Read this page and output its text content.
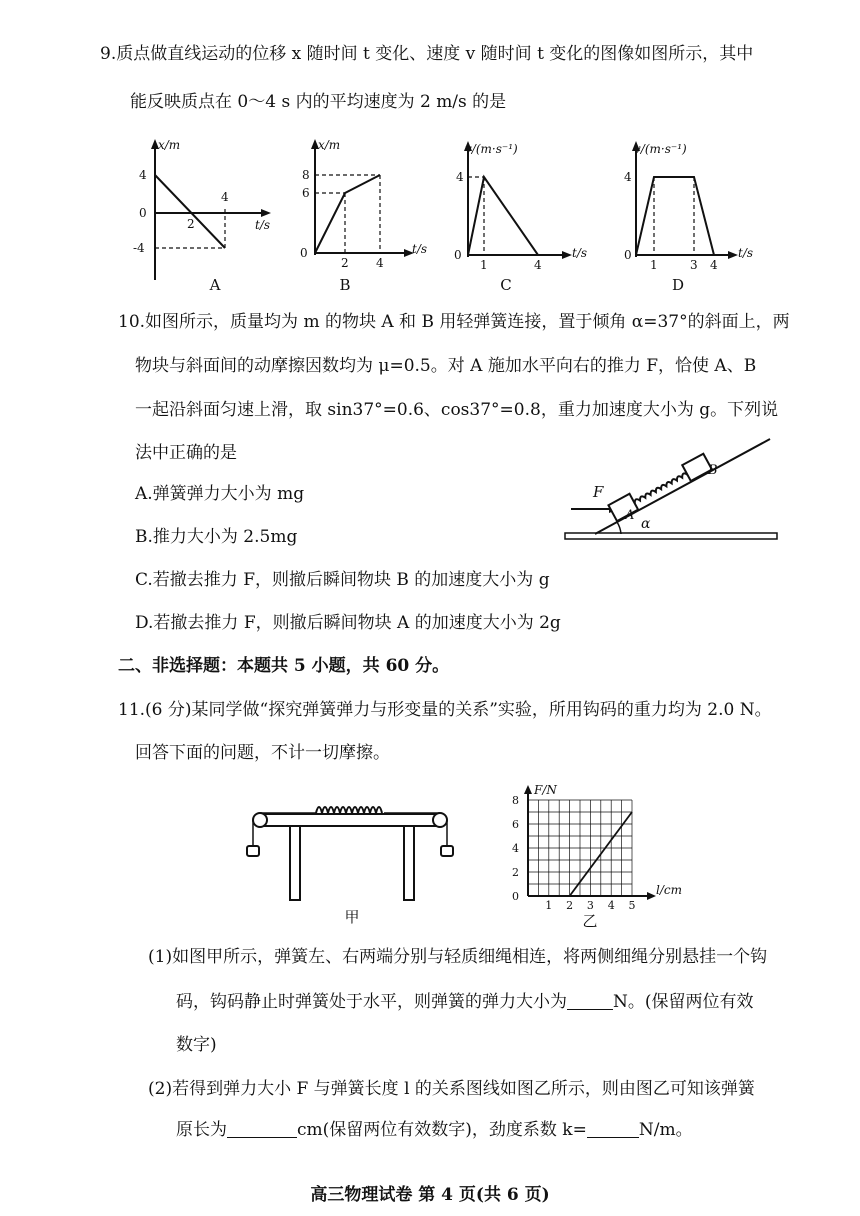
9.质点做直线运动的位移 x 随时间 t 变化、速度 v 随时间 t 变化的图像如图所示，其中
能反映质点在 0～4 s 内的平均速度为 2 m/s 的是
x/m
t/s
4
0
-4
2
4
A
x/m
t/s
8
6
0
2 4
B
v/(m·s⁻¹)
t/s
4
0
1	4
C
v/(m·s⁻¹)
t/s
4
0
1	3 4
D
10.如图所示，质量均为 m 的物块 A 和 B 用轻弹簧连接，置于倾角 α=37°的斜面上，两
物块与斜面间的动摩擦因数均为 μ=0.5。对 A 施加水平向右的推力 F，恰使 A、B
一起沿斜面匀速上滑，取 sin37°=0.6、cos37°=0.8，重力加速度大小为 g。下列说
法中正确的是
A.弹簧弹力大小为 mg
B.推力大小为 2.5mg
C.若撤去推力 F，则撤后瞬间物块 B 的加速度大小为 g
D.若撤去推力 F，则撤后瞬间物块 A 的加速度大小为 2g
F
A
B
α
二、非选择题：本题共 5 小题，共 60 分。
11.(6 分)某同学做“探究弹簧弹力与形变量的关系”实验，所用钩码的重力均为 2.0 N。
回答下面的问题，不计一切摩擦。
甲
1 2 3 4 5
0
2
4
6
8
F/N
l/cm
乙
(1)如图甲所示，弹簧左、右两端分别与轻质细绳相连，将两侧细绳分别悬挂一个钩
码，钩码静止时弹簧处于水平，则弹簧的弹力大小为	N。(保留两位有效
数字)
(2)若得到弹力大小 F 与弹簧长度 l 的关系图线如图乙所示，则由图乙可知该弹簧
原长为	cm(保留两位有效数字)，劲度系数 k=	N/m。
高三物理试卷 第 4 页(共 6 页)
